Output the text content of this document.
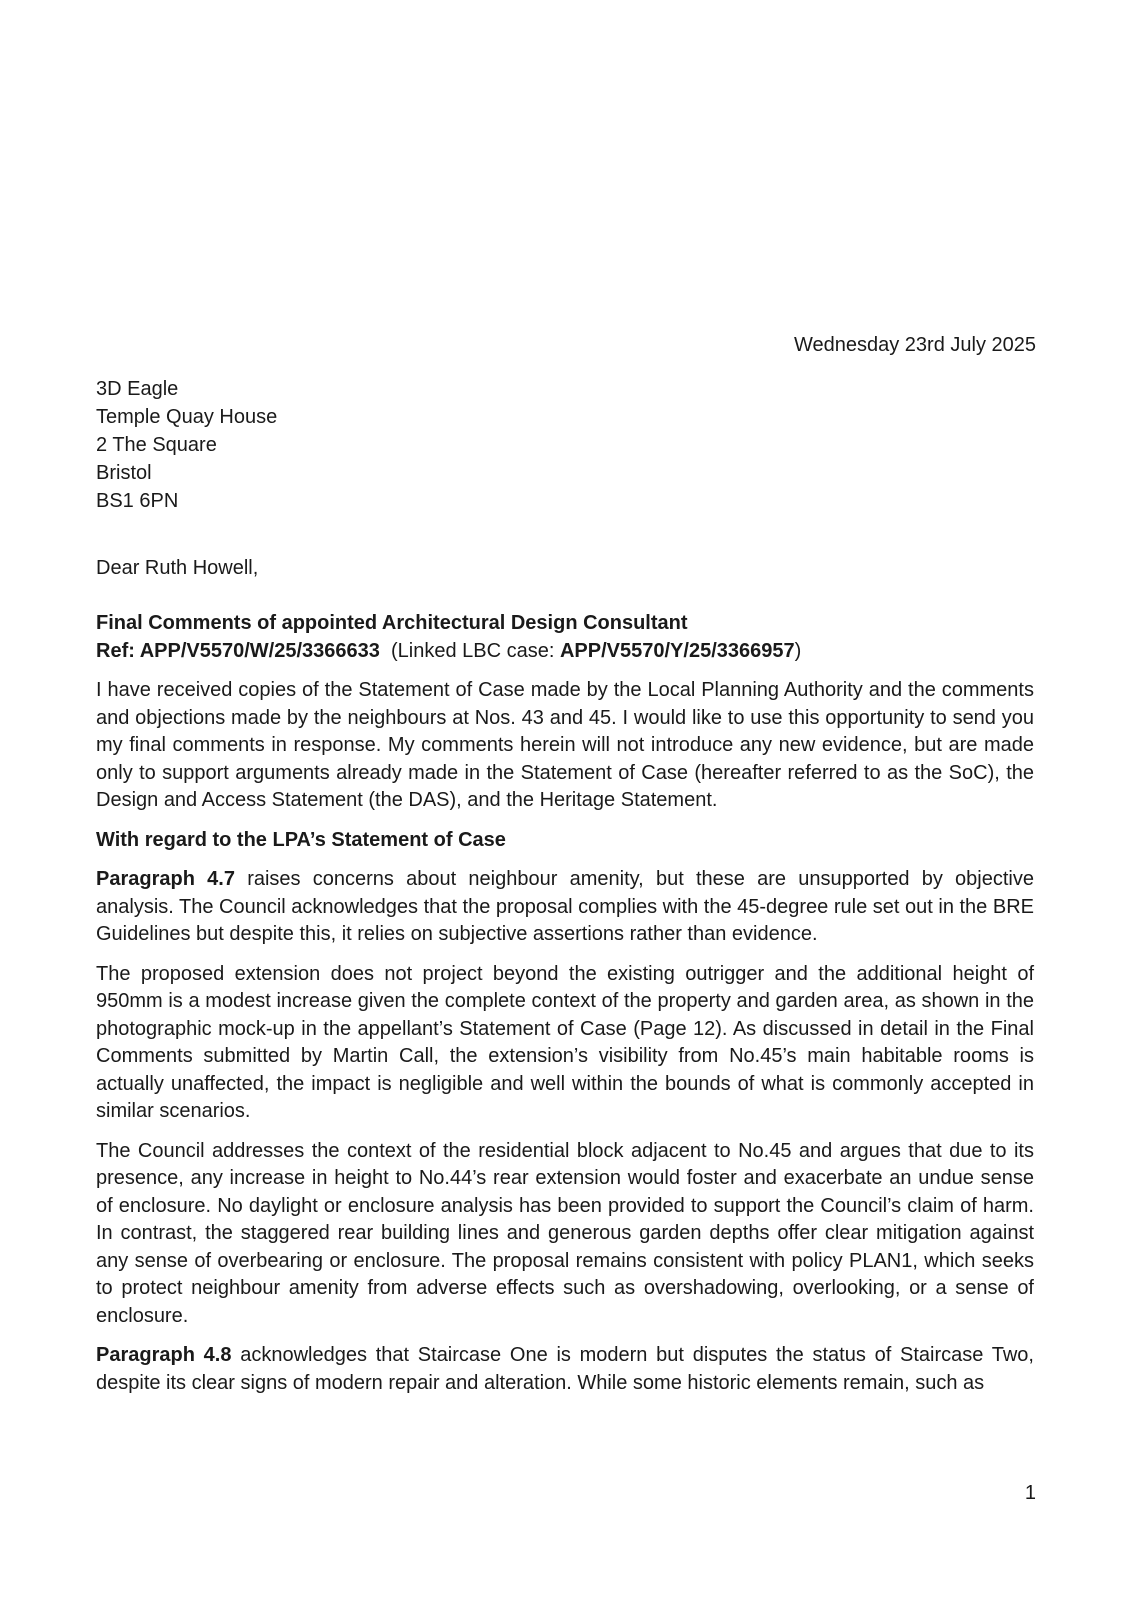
Wednesday 23rd July 2025
3D Eagle
Temple Quay House
2 The Square
Bristol
BS1 6PN
Dear Ruth Howell,
Final Comments of appointed Architectural Design Consultant
Ref: APP/V5570/W/25/3366633 (Linked LBC case: APP/V5570/Y/25/3366957)

I have received copies of the Statement of Case made by the Local Planning Authority and the comments and objections made by the neighbours at Nos. 43 and 45. I would like to use this opportunity to send you my final comments in response. My comments herein will not introduce any new evidence, but are made only to support arguments already made in the Statement of Case (hereafter referred to as the SoC), the Design and Access Statement (the DAS), and the Heritage Statement.

With regard to the LPA’s Statement of Case

Paragraph 4.7 raises concerns about neighbour amenity, but these are unsupported by objective analysis. The Council acknowledges that the proposal complies with the 45-degree rule set out in the BRE Guidelines but despite this, it relies on subjective assertions rather than evidence.

The proposed extension does not project beyond the existing outrigger and the additional height of 950mm is a modest increase given the complete context of the property and garden area, as shown in the photographic mock-up in the appellant’s Statement of Case (Page 12). As discussed in detail in the Final Comments submitted by Martin Call, the extension’s visibility from No.45’s main habitable rooms is actually unaffected, the impact is negligible and well within the bounds of what is commonly accepted in similar scenarios.

The Council addresses the context of the residential block adjacent to No.45 and argues that due to its presence, any increase in height to No.44’s rear extension would foster and exacerbate an undue sense of enclosure. No daylight or enclosure analysis has been provided to support the Council’s claim of harm. In contrast, the staggered rear building lines and generous garden depths offer clear mitigation against any sense of overbearing or enclosure. The proposal remains consistent with policy PLAN1, which seeks to protect neighbour amenity from adverse effects such as overshadowing, overlooking, or a sense of enclosure.

Paragraph 4.8 acknowledges that Staircase One is modern but disputes the status of Staircase Two, despite its clear signs of modern repair and alteration. While some historic elements remain, such as

1
